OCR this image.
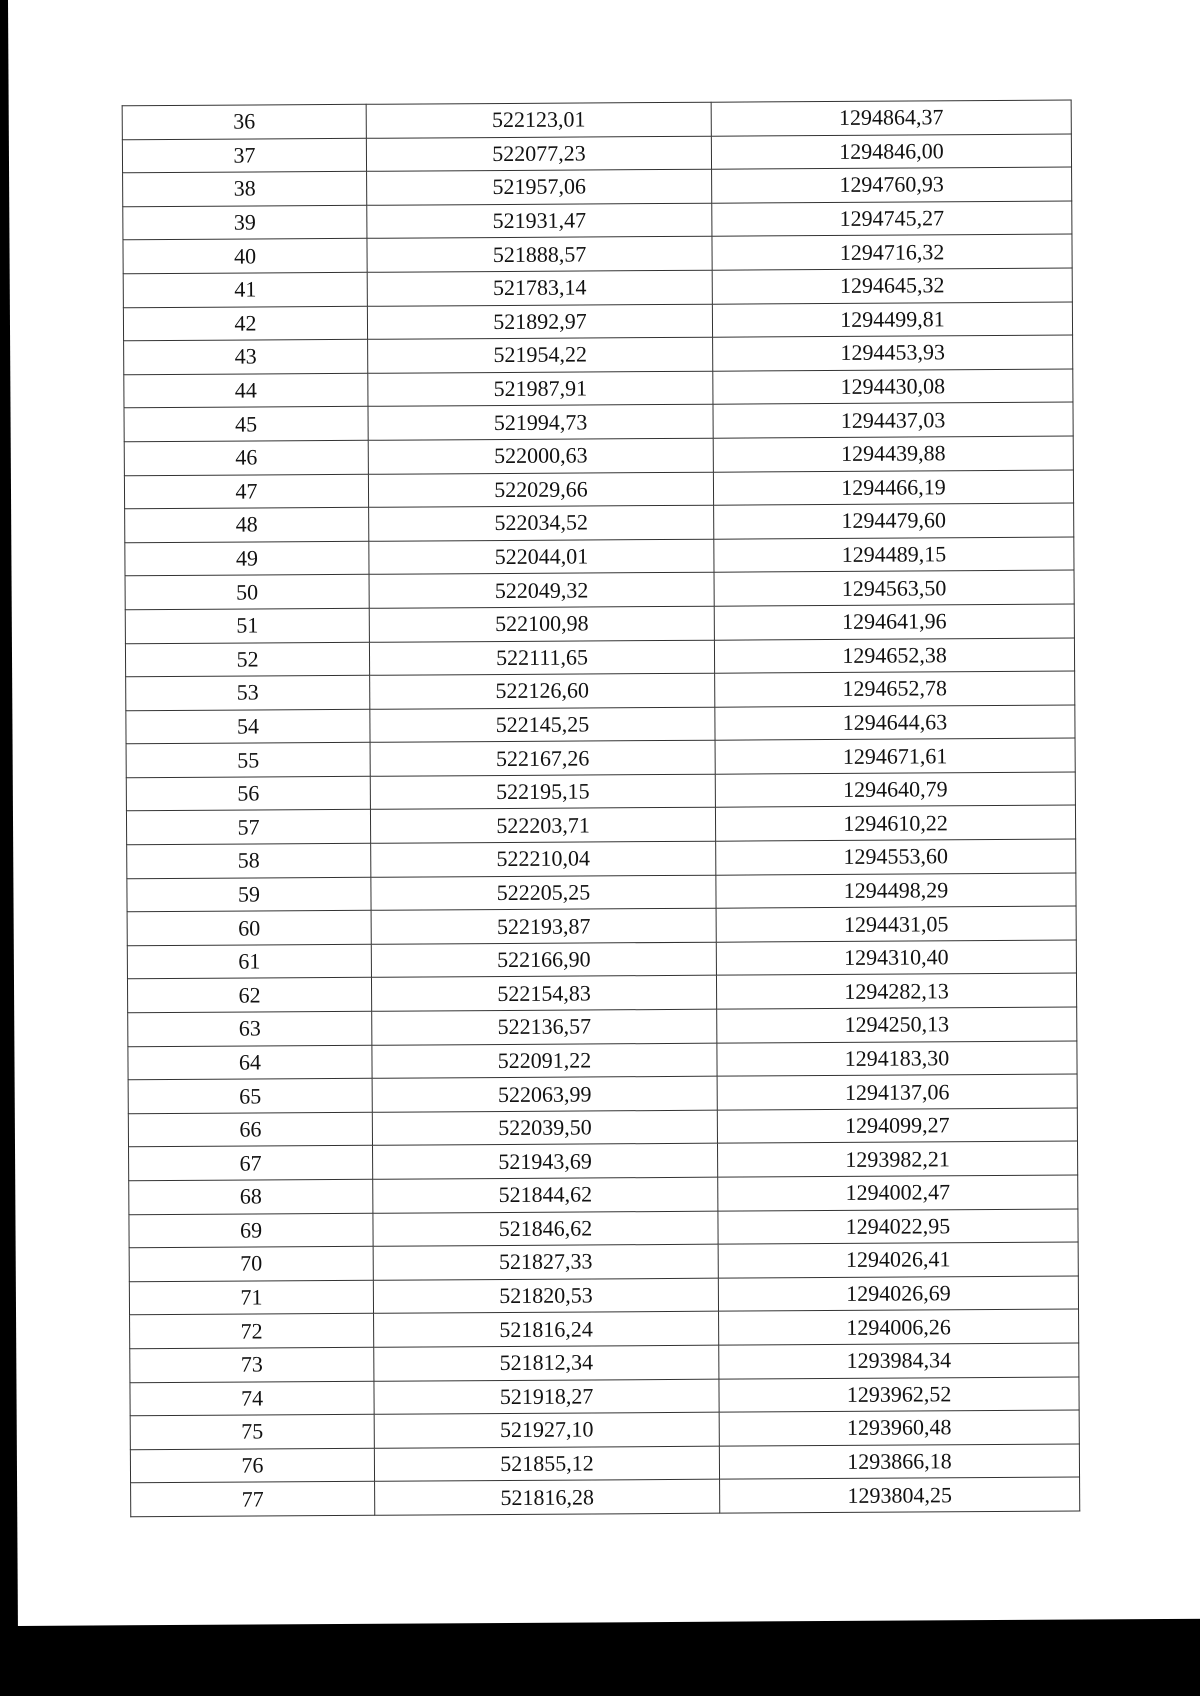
36	522123,01	1294864,37
37	522077,23	1294846,00
38	521957,06	1294760,93
39	521931,47	1294745,27
40	521888,57	1294716,32
41	521783,14	1294645,32
42	521892,97	1294499,81
43	521954,22	1294453,93
44	521987,91	1294430,08
45	521994,73	1294437,03
46	522000,63	1294439,88
47	522029,66	1294466,19
48	522034,52	1294479,60
49	522044,01	1294489,15
50	522049,32	1294563,50
51	522100,98	1294641,96
52	522111,65	1294652,38
53	522126,60	1294652,78
54	522145,25	1294644,63
55	522167,26	1294671,61
56	522195,15	1294640,79
57	522203,71	1294610,22
58	522210,04	1294553,60
59	522205,25	1294498,29
60	522193,87	1294431,05
61	522166,90	1294310,40
62	522154,83	1294282,13
63	522136,57	1294250,13
64	522091,22	1294183,30
65	522063,99	1294137,06
66	522039,50	1294099,27
67	521943,69	1293982,21
68	521844,62	1294002,47
69	521846,62	1294022,95
70	521827,33	1294026,41
71	521820,53	1294026,69
72	521816,24	1294006,26
73	521812,34	1293984,34
74	521918,27	1293962,52
75	521927,10	1293960,48
76	521855,12	1293866,18
77	521816,28	1293804,25
